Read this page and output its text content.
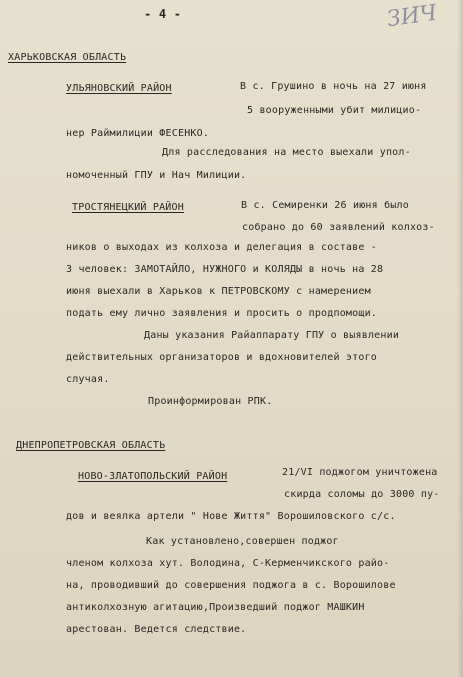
- 4 -	ЗИЧ
ХАРЬКОВСКАЯ ОБЛАСТЬ
УЛЬЯНОВСКИЙ РАЙОН	В с. Грушино в ночь на 27 июня
5 вооруженными убит милицио-
нер Раймилиции ФЕСЕНКО.
Для расследования на место выехали упол-
номоченный ГПУ и Нач Милиции.
ТРОСТЯНЕЦКИЙ РАЙОН	В с. Семиренки 26 июня было
собрано до 60 заявлений колхоз-
ников о выходах из колхоза и делегация в составе -
3 человек: ЗАМОТАЙЛО, НУЖНОГО и КОЛЯДЫ в ночь на 28
июня выехали в Харьков к ПЕТРОВСКОМУ с намерением
подать ему лично заявления и просить о продпомощи.
Даны указания Райаппарату ГПУ о выявлении
действительных организаторов и вдохновителей этого
случая.
Проинформирован РПК.
ДНЕПРОПЕТРОВСКАЯ ОБЛАСТЬ
НОВО-ЗЛАТОПОЛЬСКИЙ РАЙОН	21/VI поджогом уничтожена
скирда соломы до 3000 пу-
дов и веялка артели " Нове Життя" Ворошиловского с/с.
Как установлено,совершен поджог
членом колхоза хут. Володина, С-Керменчикского райо-
на, проводивший до совершения поджога в с. Ворошилове
антиколхозную агитацию,Произведший поджог МАШКИН
арестован. Ведется следствие.
